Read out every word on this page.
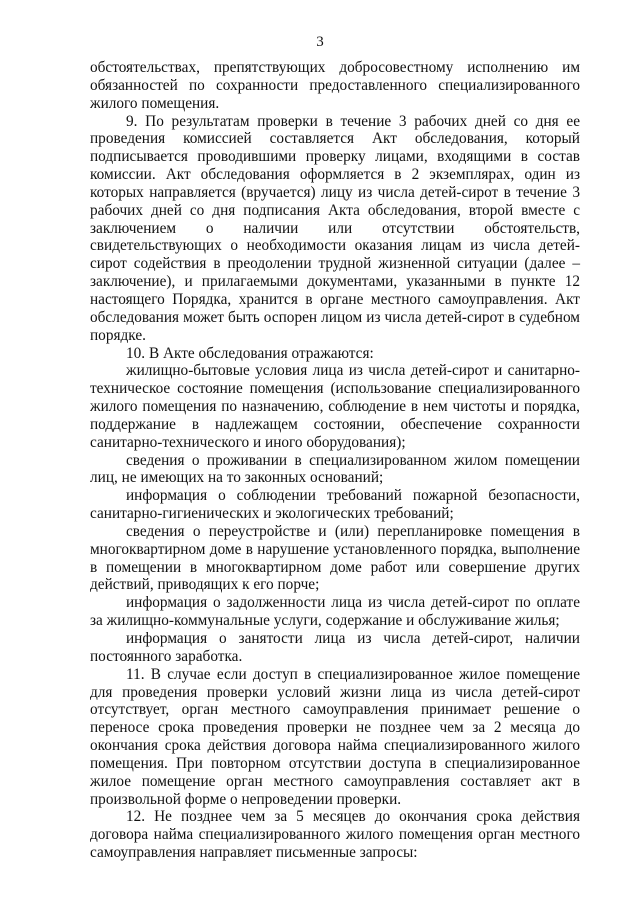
3

обстоятельствах, препятствующих добросовестному исполнению им обязанностей по сохранности предоставленного специализированного жилого помещения.

9. По результатам проверки в течение 3 рабочих дней со дня ее проведения комиссией составляется Акт обследования, который подписывается проводившими проверку лицами, входящими в состав комиссии. Акт обследования оформляется в 2 экземплярах, один из которых направляется (вручается) лицу из числа детей-сирот в течение 3 рабочих дней со дня подписания Акта обследования, второй вместе с заключением о наличии или отсутствии обстоятельств, свидетельствующих о необходимости оказания лицам из числа детей-сирот содействия в преодолении трудной жизненной ситуации (далее – заключение), и прилагаемыми документами, указанными в пункте 12 настоящего Порядка, хранится в органе местного самоуправления. Акт обследования может быть оспорен лицом из числа детей-сирот в судебном порядке.

10. В Акте обследования отражаются:

жилищно-бытовые условия лица из числа детей-сирот и санитарно-техническое состояние помещения (использование специализированного жилого помещения по назначению, соблюдение в нем чистоты и порядка, поддержание в надлежащем состоянии, обеспечение сохранности санитарно-технического и иного оборудования);

сведения о проживании в специализированном жилом помещении лиц, не имеющих на то законных оснований;

информация о соблюдении требований пожарной безопасности, санитарно-гигиенических и экологических требований;

сведения о переустройстве и (или) перепланировке помещения в многоквартирном доме в нарушение установленного порядка, выполнение в помещении в многоквартирном доме работ или совершение других действий, приводящих к его порче;

информация о задолженности лица из числа детей-сирот по оплате за жилищно-коммунальные услуги, содержание и обслуживание жилья;

информация о занятости лица из числа детей-сирот, наличии постоянного заработка.

11. В случае если доступ в специализированное жилое помещение для проведения проверки условий жизни лица из числа детей-сирот отсутствует, орган местного самоуправления принимает решение о переносе срока проведения проверки не позднее чем за 2 месяца до окончания срока действия договора найма специализированного жилого помещения. При повторном отсутствии доступа в специализированное жилое помещение орган местного самоуправления составляет акт в произвольной форме о непроведении проверки.

12. Не позднее чем за 5 месяцев до окончания срока действия договора найма специализированного жилого помещения орган местного самоуправления направляет письменные запросы:
